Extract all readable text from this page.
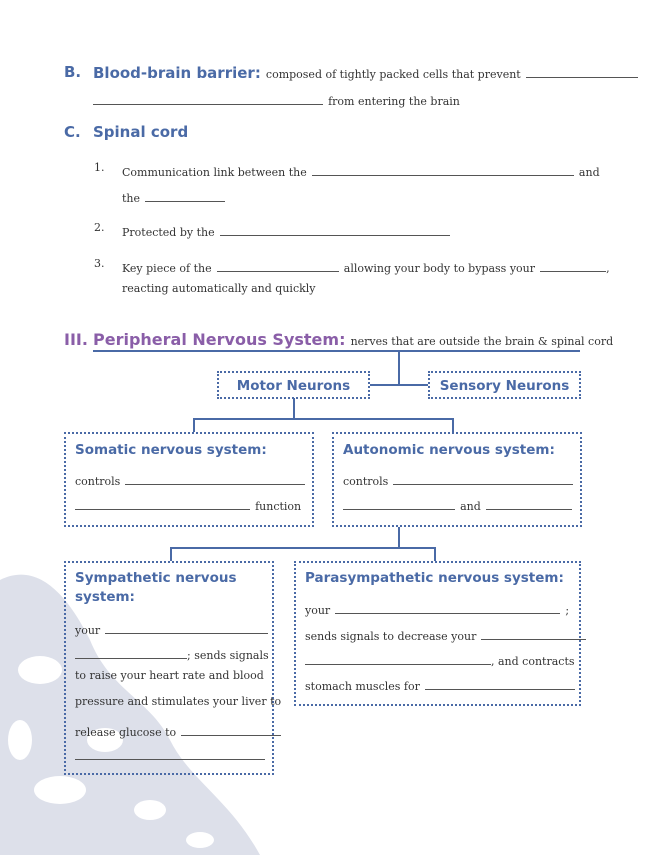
B. Blood-brain barrier: composed of tightly packed cells that prevent
from entering the brain
C. Spinal cord
1. Communication link between the	and
the
2. Protected by the
3. Key piece of the	allowing your body to bypass your	,
reacting automatically and quickly
III. Peripheral Nervous System: nerves that are outside the brain & spinal cord
Motor Neurons	Sensory Neurons
Somatic nervous system:
controls
function
Autonomic nervous system:
controls
and
Sympathetic nervous
system:
your
; sends signals
to raise your heart rate and blood
pressure and stimulates your liver to
release glucose to
Parasympathetic nervous system:
your	;
sends signals to decrease your
, and contracts
stomach muscles for
